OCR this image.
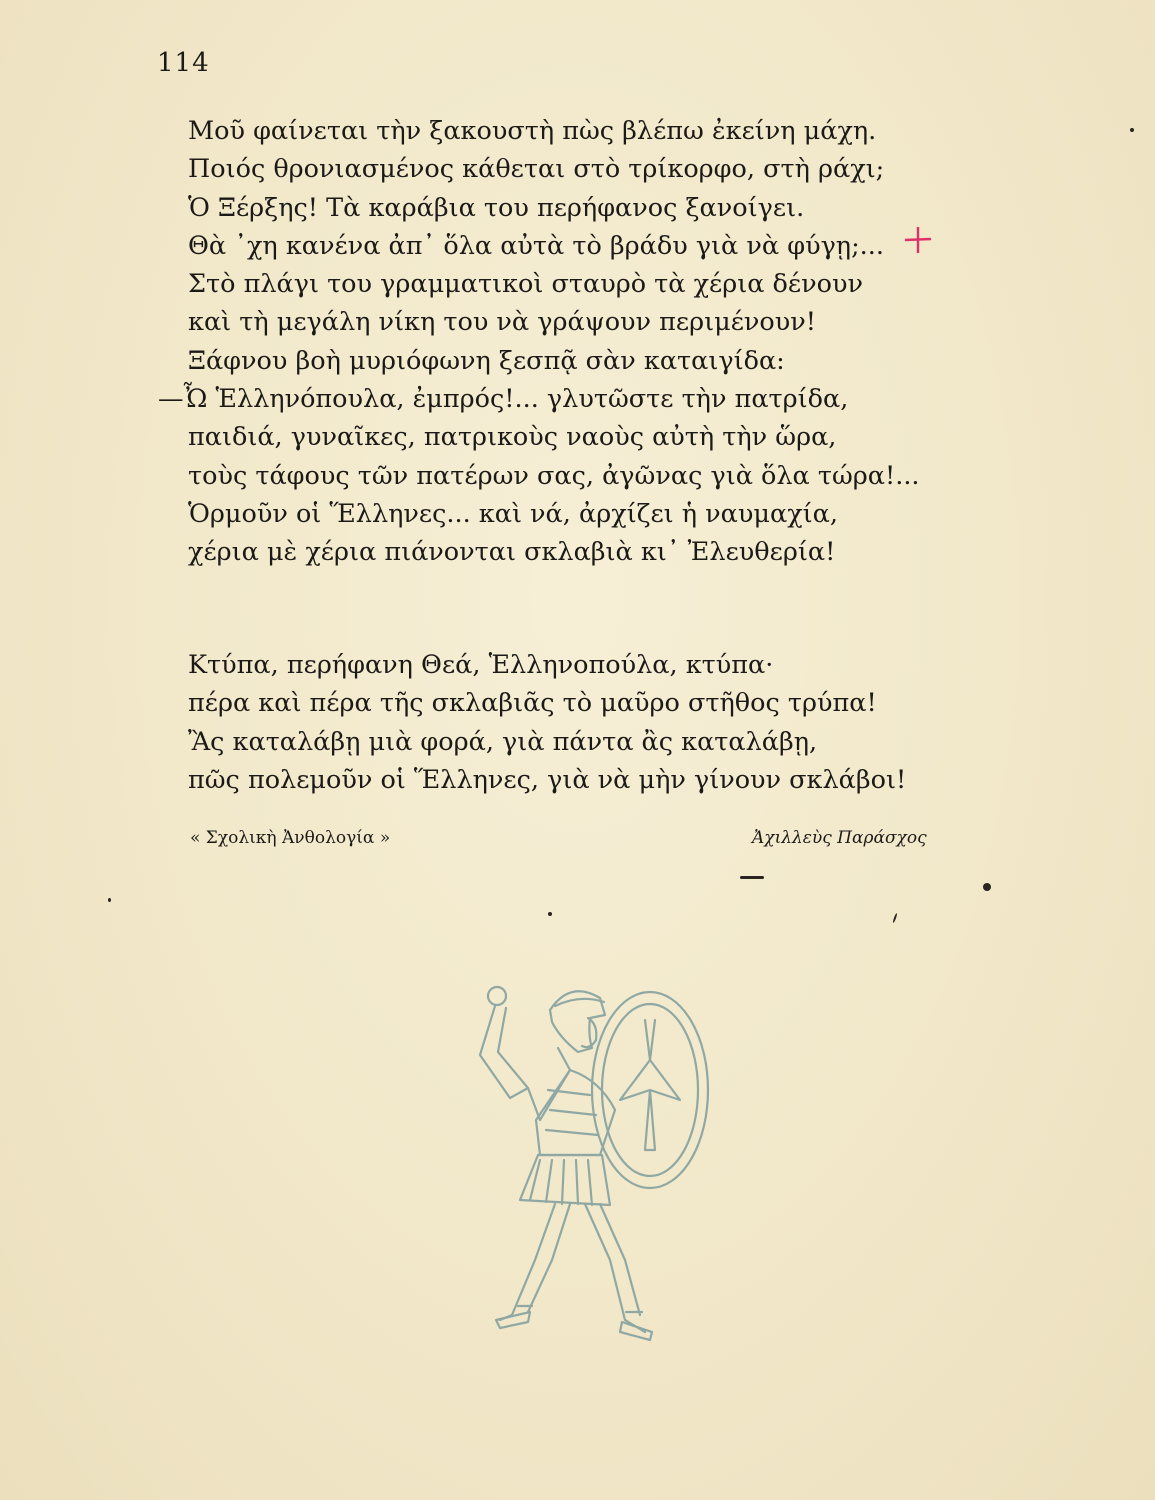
114
Μοῦ φαίνεται τὴν ξακουστὴ πὼς βλέπω ἐκείνη μάχη.
Ποιός θρονιασμένος κάθεται στὸ τρίκορφο, στὴ ράχι;
Ὁ Ξέρξης! Τὰ καράβια του περήφανος ξανοίγει.
Θὰ ᾽χη κανένα ἀπ᾽ ὅλα αὐτὰ τὸ βράδυ γιὰ νὰ φύγῃ;...
Στὸ πλάγι του γραμματικοὶ σταυρὸ τὰ χέρια δένουν
καὶ τὴ μεγάλη νίκη του νὰ γράψουν περιμένουν!
Ξάφνου βοὴ μυριόφωνη ξεσπᾷ σὰν καταιγίδα:
—Ὦ Ἑλληνόπουλα, ἐμπρός!... γλυτῶστε τὴν πατρίδα,
παιδιά, γυναῖκες, πατρικοὺς ναοὺς αὐτὴ τὴν ὥρα,
τοὺς τάφους τῶν πατέρων σας, ἀγῶνας γιὰ ὅλα τώρα!...
Ὁρμοῦν οἱ Ἕλληνες... καὶ νά, ἀρχίζει ἡ ναυμαχία,
χέρια μὲ χέρια πιάνονται σκλαβιὰ κι᾽ Ἐλευθερία!
Κτύπα, περήφανη Θεά, Ἑλληνοπούλα, κτύπα·
πέρα καὶ πέρα τῆς σκλαβιᾶς τὸ μαῦρο στῆθος τρύπα!
Ἂς καταλάβῃ μιὰ φορά, γιὰ πάντα ἂς καταλάβῃ,
πῶς πολεμοῦν οἱ Ἕλληνες, γιὰ νὰ μὴν γίνουν σκλάβοι!
« Σχολικὴ Ἀνθολογία »	Ἀχιλλεὺς Παράσχος
